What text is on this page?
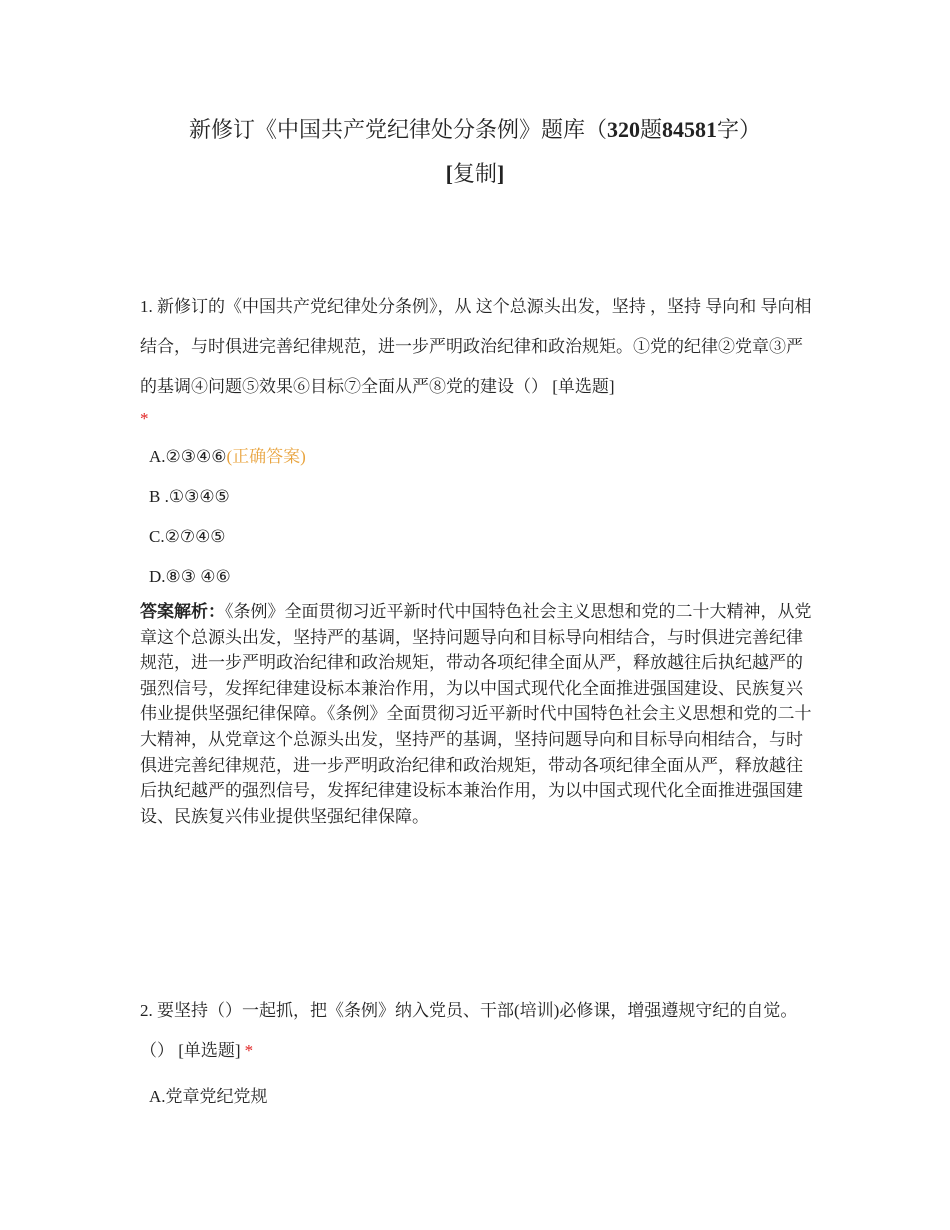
新修订《中国共产党纪律处分条例》题库（320题84581字）
[复制]

1. 新修订的《中国共产党纪律处分条例》，从 这个总源头出发，坚持 ，坚持 导向和 导向相结合，与时俱进完善纪律规范，进一步严明政治纪律和政治规矩。①党的纪律②党章③严的基调④问题⑤效果⑥目标⑦全面从严⑧党的建设（） [单选题]

*
A.②③④⑥(正确答案)
B .①③④⑤
C.②⑦④⑤
D.⑧③ ④⑥
答案解析：《条例》全面贯彻习近平新时代中国特色社会主义思想和党的二十大精神，从党章这个总源头出发，坚持严的基调，坚持问题导向和目标导向相结合，与时俱进完善纪律规范，进一步严明政治纪律和政治规矩，带动各项纪律全面从严，释放越往后执纪越严的强烈信号，发挥纪律建设标本兼治作用，为以中国式现代化全面推进强国建设、民族复兴伟业提供坚强纪律保障。《条例》全面贯彻习近平新时代中国特色社会主义思想和党的二十大精神，从党章这个总源头出发，坚持严的基调，坚持问题导向和目标导向相结合，与时俱进完善纪律规范，进一步严明政治纪律和政治规矩，带动各项纪律全面从严，释放越往后执纪越严的强烈信号，发挥纪律建设标本兼治作用，为以中国式现代化全面推进强国建设、民族复兴伟业提供坚强纪律保障。

2. 要坚持（）一起抓，把《条例》纳入党员、干部(培训)必修课，增强遵规守纪的自觉。（） [单选题] *

A.党章党纪党规
